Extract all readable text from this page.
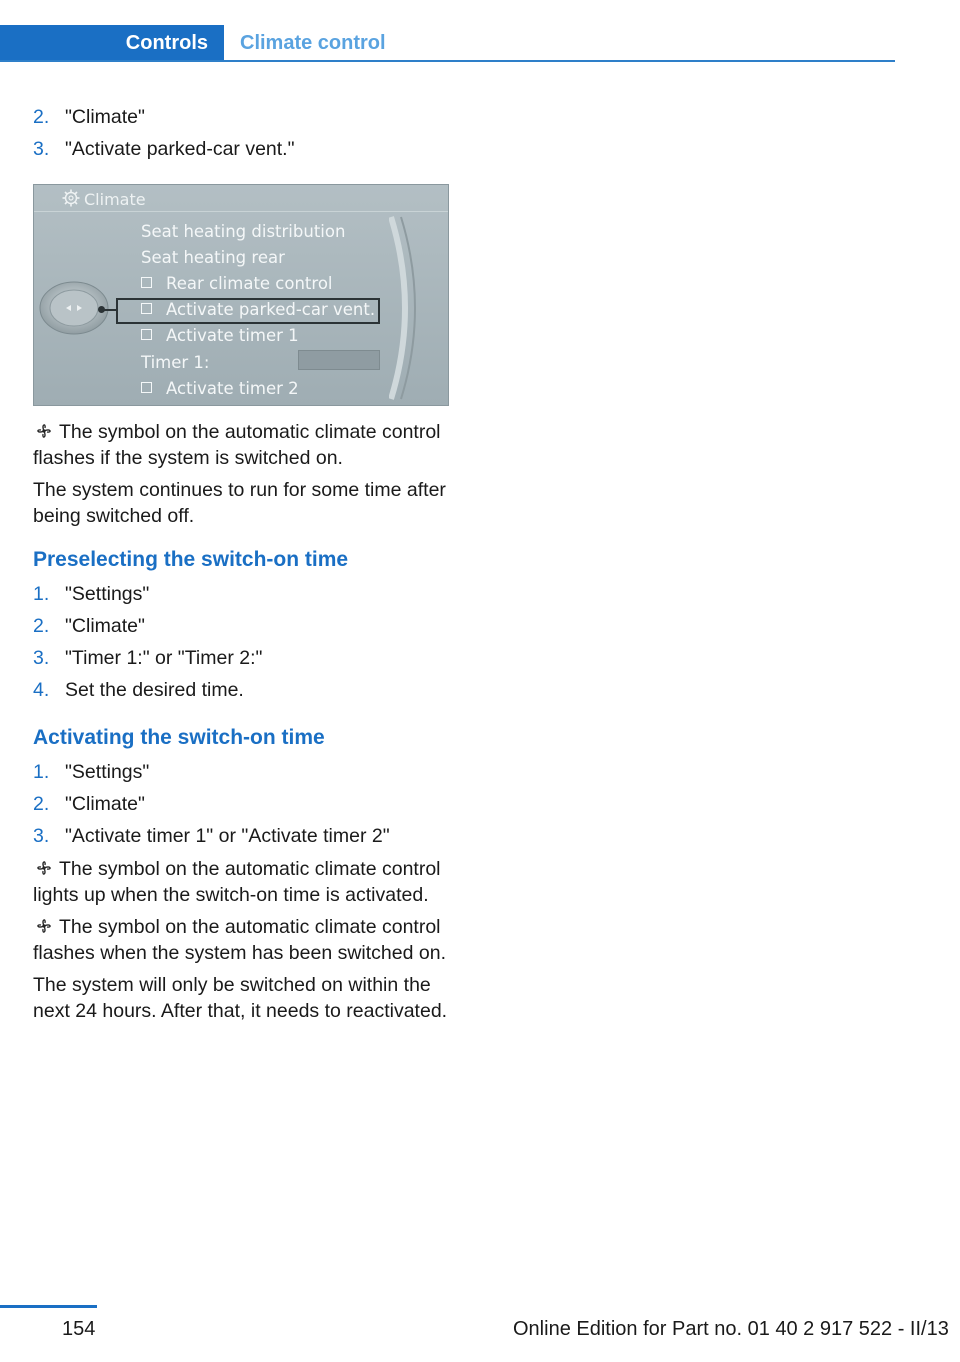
Controls	Climate control
2. "Climate"
3. "Activate parked-car vent."
Climate
Seat heating distribution
Seat heating rear
Rear climate control
Activate parked-car vent.
Activate timer 1
Timer 1:
Activate timer 2
The symbol on the automatic climate control flashes if the system is switched on.
The system continues to run for some time after being switched off.
Preselecting the switch-on time
1. "Settings"
2. "Climate"
3. "Timer 1:" or "Timer 2:"
4. Set the desired time.
Activating the switch-on time
1. "Settings"
2. "Climate"
3. "Activate timer 1" or "Activate timer 2"
The symbol on the automatic climate control lights up when the switch-on time is activated.
The symbol on the automatic climate control flashes when the system has been switched on.
The system will only be switched on within the next 24 hours. After that, it needs to reactivated.
154	Online Edition for Part no. 01 40 2 917 522 - II/13
